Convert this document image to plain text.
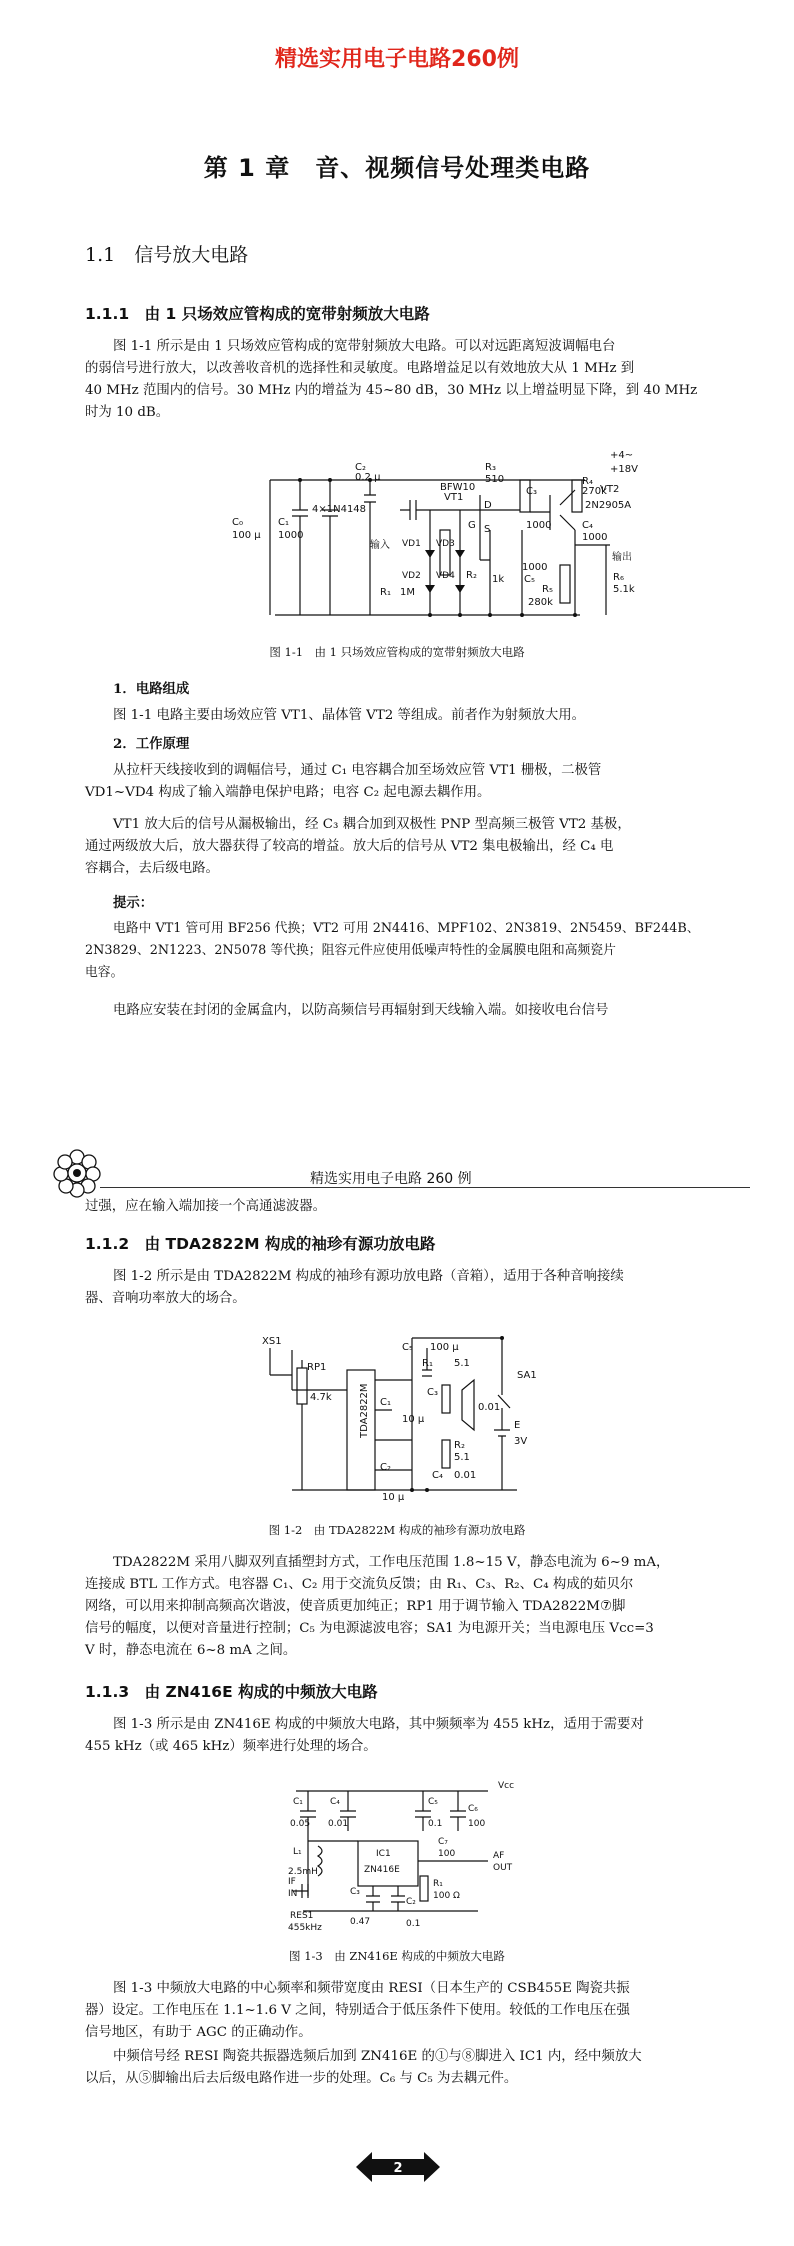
精选实用电子电路260例
第 1 章　音、视频信号处理类电路
1.1　信号放大电路
1.1.1　由 1 只场效应管构成的宽带射频放大电路
图 1-1 所示是由 1 只场效应管构成的宽带射频放大电路。可以对远距离短波调幅电台
的弱信号进行放大，以改善收音机的选择性和灵敏度。电路增益足以有效地放大从 1 MHz 到
40 MHz 范围内的信号。30 MHz 内的增益为 45~80 dB，30 MHz 以上增益明显下降，到 40 MHz
时为 10 dB。
C₂
0.2 μ
R₃
510
C₃
1000
R₄
270k
+4~
+18V
VT2
2N2905A
C₀
100 μ
C₁
1000
4×1N4148
BFW10
VT1
D
G S	C₄
1000
输入
输出
VD1
VD2
VD3
VD4
R₁ 1M
R₂ 1k C₅
1000
R₅
280k
R₆
5.1k
图 1-1　由 1 只场效应管构成的宽带射频放大电路
1．电路组成
图 1-1 电路主要由场效应管 VT1、晶体管 VT2 等组成。前者作为射频放大用。
2．工作原理
从拉杆天线接收到的调幅信号，通过 C₁ 电容耦合加至场效应管 VT1 栅极，二极管
VD1~VD4 构成了输入端静电保护电路；电容 C₂ 起电源去耦作用。
VT1 放大后的信号从漏极输出，经 C₃ 耦合加到双极性 PNP 型高频三极管 VT2 基极，
通过两级放大后，放大器获得了较高的增益。放大后的信号从 VT2 集电极输出，经 C₄ 电
容耦合，去后级电路。
提示：
电路中 VT1 管可用 BF256 代换；VT2 可用 2N4416、MPF102、2N3819、2N5459、BF244B、
2N3829、2N1223、2N5078 等代换；阻容元件应使用低噪声特性的金属膜电阻和高频瓷片
电容。
电路应安装在封闭的金属盒内，以防高频信号再辐射到天线输入端。如接收电台信号
精选实用电子电路 260 例
过强，应在输入端加接一个高通滤波器。
1.1.2　由 TDA2822M 构成的袖珍有源功放电路
图 1-2 所示是由 TDA2822M 构成的袖珍有源功放电路（音箱），适用于各种音响接续
器、音响功率放大的场合。
TDA2822M
XS1
RP1
4.7k
C₅ 100 μ
R₁ 5.1
C₃
0.01
C₁
10 μ
C₂
10 μ
R₂
5.1
C₄ 0.01
SA1
E
3V
图 1-2　由 TDA2822M 构成的袖珍有源功放电路
TDA2822M 采用八脚双列直插塑封方式，工作电压范围 1.8~15 V，静态电流为 6~9 mA，
连接成 BTL 工作方式。电容器 C₁、C₂ 用于交流负反馈；由 R₁、C₃、R₂、C₄ 构成的茹贝尔
网络，可以用来抑制高频高次谐波，使音质更加纯正；RP1 用于调节输入 TDA2822M⑦脚
信号的幅度，以便对音量进行控制；C₅ 为电源滤波电容；SA1 为电源开关；当电源电压 Vcc=3
V 时，静态电流在 6~8 mA 之间。
1.1.3　由 ZN416E 构成的中频放大电路
图 1-3 所示是由 ZN416E 构成的中频放大电路，其中频频率为 455 kHz，适用于需要对
455 kHz（或 465 kHz）频率进行处理的场合。
Vcc
C₁
0.05
C₄
0.01
C₅
0.1
C₆
100
L₁
2.5mH
IC1
ZN416E
C₇
100
R₁
100 Ω
AF
OUT
IF
IN
RES1
455kHz
C₃
0.47
C₂
0.1
图 1-3　由 ZN416E 构成的中频放大电路
图 1-3 中频放大电路的中心频率和频带宽度由 RESI（日本生产的 CSB455E 陶瓷共振
器）设定。工作电压在 1.1~1.6 V 之间，特别适合于低压条件下使用。较低的工作电压在强
信号地区，有助于 AGC 的正确动作。
中频信号经 RESI 陶瓷共振器选频后加到 ZN416E 的①与⑧脚进入 IC1 内，经中频放大
以后，从⑤脚输出后去后级电路作进一步的处理。C₆ 与 C₅ 为去耦元件。
2
